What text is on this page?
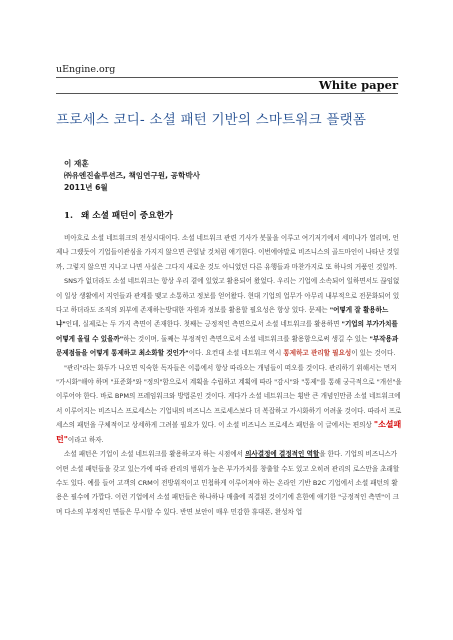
uEngine.org
White paper
프로세스 코디- 소셜 패턴 기반의 스마트워크 플랫폼
이 재훈
㈜유엔진솔루션즈, 책임연구원, 공학박사
2011년 6월
1. 왜 소셜 패턴이 중요한가

비아흐로 소셜 네트워크의 전성시대이다. 소셜 네트워크 관련 기사가 봇물을 이루고 여기저기에서 세미나가 열리며, 언제나 그랬듯이 기업들이관심을 가지지 않으면 큰일날 것처럼 얘기한다. 이번에야말로 비즈니스의 골드마인이 나타난 것일까, 그렇지 않으면 지나고 나면 사실은 그다지 새로운 것도 아니었던 다른 유행들과 마찬가지로 또 하나의 거품인 것일까.

SNS가 없더라도 소셜 네트워크는 항상 우리 곁에 있었고 활용되어 왔었다. 우리는 기업에 소속되어 일하면서도 끊임없이 일상 생활에서 지인들과 관계를 맺고 소통하고 정보를 얻어왔다. 현대 기업의 업무가 아무리 내부적으로 전문화되어 있다고 하더라도 조직의 외부에 존재하는방대한 자원과 정보를 활용할 필요성은 항상 있다. 문제는 "어떻게 잘 활용하느냐"인데, 실제로는 두 가지 측면이 존재한다. 첫째는 긍정적인 측면으로서 소셜 네트워크를 활용하면 "기업의 부가가치를 어떻게 올릴 수 있을까"하는 것이며, 둘째는 부정적인 측면으로서 소셜 네트워크를 활용함으로써 생길 수 있는 "부작용과 문제점들을 어떻게 통제하고 최소화할 것인가"이다. 요컨대 소셜 네트워크 역시 통제하고 관리할 필요성이 있는 것이다.

"관리"라는 화두가 나오면 익숙한 독자들은 이름에서 항상 따라오는 개념들이 떠오를 것이다. 관리하기 위해서는 먼저 "가시화"해야 하며 "표준화"와 "정의"함으로서 계획을 수립하고 계획에 따라 "감시"와 "통제"를 통해 궁극적으로 "개선"을이루어야 한다. 바로 BPM의 프레임워크와 방법론인 것이다. 게다가 소셜 네트워크는 횡반 큰 개념인만큼 소셜 네트워크에서 이루어지는 비즈니스 프로세스는 기업내의 비즈니스 프로세스보다 더 복잡하고 가시화하기 어려울 것이다. 따라서 프로세스의 패턴을 구체적이고 상세하게 그려볼 필요가 있다. 이 소셜 비즈니스 프로세스 패턴을 이 글에서는 편의상 "소셜패턴"이라고 하자.

소셜 패턴은 기업이 소셜 네트워크를 활용하고자 하는 시점에서 의사결정에 결정적인 역할을 한다. 기업의 비즈니스가 어떤 소셜 패턴들을 갖고 있는가에 따라 관리의 범위가 높은 부가가치를 창출할 수도 있고 오히려 관리의 로스만을 초래할 수도 있다. 예를 들어 고객의 CRM이 전방위적이고 민첩하게 이루어져야 하는 온라인 기반 B2C 기업에서 소셜 패턴의 활용은 필수에 가깝다. 이런 기업에서 소셜 패턴들은 하나하나 매출에 직결된 것이기에 흔한에 얘기한 "긍정적인 측면"이 크며 다소의 부정적인 면들은 무시할 수 있다. 반면 보안이 매우 민감한 휴대폰, 완성차 업
